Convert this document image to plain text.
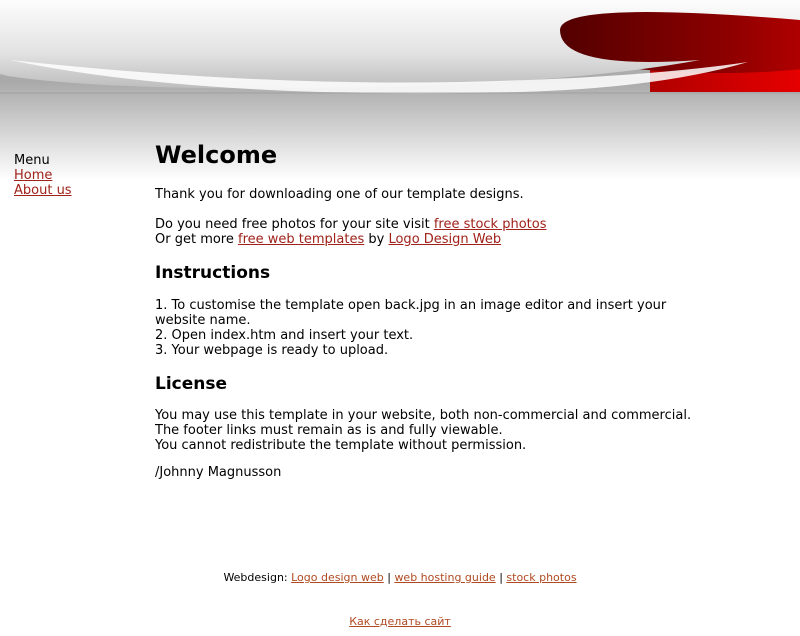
Menu
Home
About us
Welcome

Thank you for downloading one of our template designs.

Do you need free photos for your site visit free stock photos

Or get more free web templates by Logo Design Web

Instructions

1. To customise the template open back.jpg in an image editor and insert your website name.

2. Open index.htm and insert your text.

3. Your webpage is ready to upload.

License

You may use this template in your website, both non-commercial and commercial. The footer links must remain as is and fully viewable.

You cannot redistribute the template without permission.

/Johnny Magnusson

Webdesign: Logo design web | web hosting guide | stock photos
Как сделать сайт
